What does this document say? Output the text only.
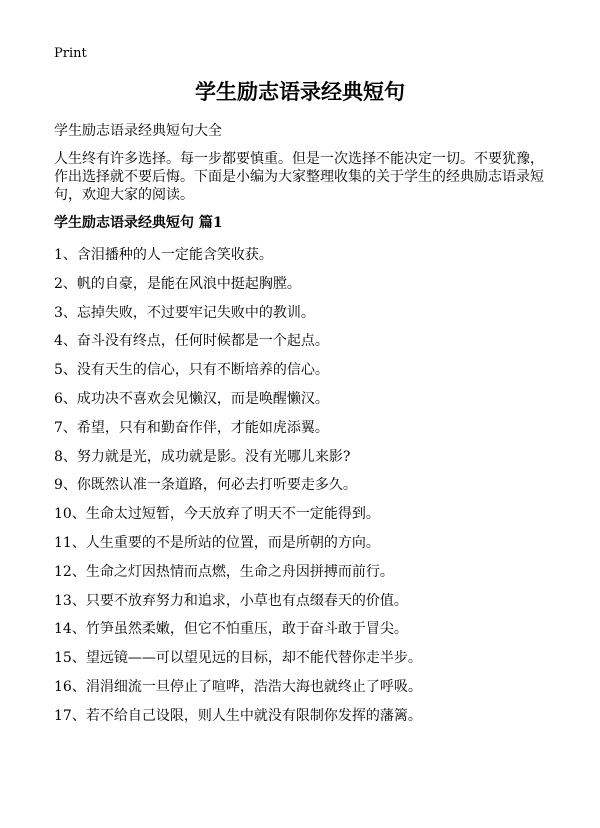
Print
学生励志语录经典短句
学生励志语录经典短句大全

人生终有许多选择。每一步都要慎重。但是一次选择不能决定一切。不要犹豫，作出选择就不要后悔。下面是小编为大家整理收集的关于学生的经典励志语录短句，欢迎大家的阅读。

学生励志语录经典短句 篇1
1、含泪播种的人一定能含笑收获。
2、帆的自豪，是能在风浪中挺起胸膛。
3、忘掉失败，不过要牢记失败中的教训。
4、奋斗没有终点，任何时候都是一个起点。
5、没有天生的信心，只有不断培养的信心。
6、成功决不喜欢会见懒汉，而是唤醒懒汉。
7、希望，只有和勤奋作伴，才能如虎添翼。
8、努力就是光，成功就是影。没有光哪儿来影?
9、你既然认准一条道路，何必去打听要走多久。
10、生命太过短暂，今天放弃了明天不一定能得到。
11、人生重要的不是所站的位置，而是所朝的方向。
12、生命之灯因热情而点燃，生命之舟因拼搏而前行。
13、只要不放弃努力和追求，小草也有点缀春天的价值。
14、竹笋虽然柔嫩，但它不怕重压，敢于奋斗敢于冒尖。
15、望远镜——可以望见远的目标，却不能代替你走半步。
16、涓涓细流一旦停止了喧哗，浩浩大海也就终止了呼吸。
17、若不给自己设限，则人生中就没有限制你发挥的藩篱。
